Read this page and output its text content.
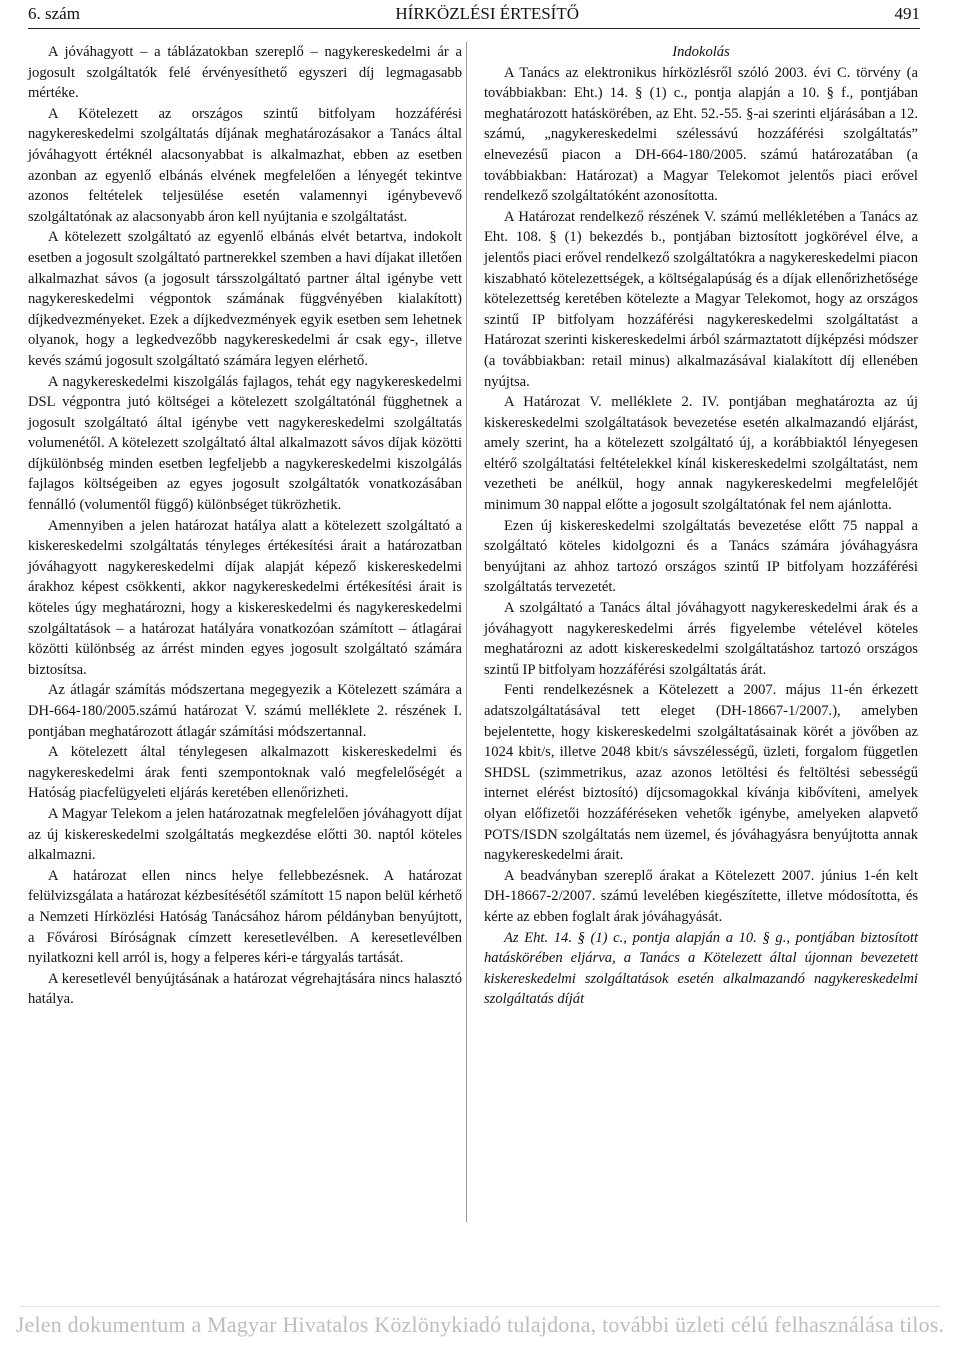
6. szám	HÍRKÖZLÉSI ÉRTESÍTŐ	491

A jóváhagyott – a táblázatokban szereplő – nagykereskedelmi ár a jogosult szolgáltatók felé érvényesíthető egyszeri díj legmagasabb mértéke.

A Kötelezett az országos szintű bitfolyam hozzáférési nagykereskedelmi szolgáltatás díjának meghatározásakor a Tanács által jóváhagyott értéknél alacsonyabbat is alkalmazhat, ebben az esetben azonban az egyenlő elbánás elvének megfelelően a lényegét tekintve azonos feltételek teljesülése esetén valamennyi igénybevevő szolgáltatónak az alacsonyabb áron kell nyújtania e szolgáltatást.

A kötelezett szolgáltató az egyenlő elbánás elvét betartva, indokolt esetben a jogosult szolgáltató partnerekkel szemben a havi díjakat illetően alkalmazhat sávos (a jogosult társszolgáltató partner által igénybe vett nagykereskedelmi végpontok számának függvényében kialakított) díjkedvezményeket. Ezek a díjkedvezmények egyik esetben sem lehetnek olyanok, hogy a legkedvezőbb nagykereskedelmi ár csak egy-, illetve kevés számú jogosult szolgáltató számára legyen elérhető.

A nagykereskedelmi kiszolgálás fajlagos, tehát egy nagykereskedelmi DSL végpontra jutó költségei a kötelezett szolgáltatónál függhetnek a jogosult szolgáltató által igénybe vett nagykereskedelmi szolgáltatás volumenétől. A kötelezett szolgáltató által alkalmazott sávos díjak közötti díjkülönbség minden esetben legfeljebb a nagykereskedelmi kiszolgálás fajlagos költségeiben az egyes jogosult szolgáltatók vonatkozásában fennálló (volumentől függő) különbséget tükrözhetik.

Amennyiben a jelen határozat hatálya alatt a kötelezett szolgáltató a kiskereskedelmi szolgáltatás tényleges értékesítési árait a határozatban jóváhagyott nagykereskedelmi díjak alapját képező kiskereskedelmi árakhoz képest csökkenti, akkor nagykereskedelmi értékesítési árait is köteles úgy meghatározni, hogy a kiskereskedelmi és nagykereskedelmi szolgáltatások – a határozat hatályára vonatkozóan számított – átlagárai közötti különbség az árrést minden egyes jogosult szolgáltató számára biztosítsa.

Az átlagár számítás módszertana megegyezik a Kötelezett számára a DH-664-180/2005.számú határozat V. számú melléklete 2. részének I. pontjában meghatározott átlagár számítási módszertannal.

A kötelezett által ténylegesen alkalmazott kiskereskedelmi és nagykereskedelmi árak fenti szempontoknak való megfelelőségét a Hatóság piacfelügyeleti eljárás keretében ellenőrizheti.

A Magyar Telekom a jelen határozatnak megfelelően jóváhagyott díjat az új kiskereskedelmi szolgáltatás megkezdése előtti 30. naptól köteles alkalmazni.

A határozat ellen nincs helye fellebbezésnek. A határozat felülvizsgálata a határozat kézbesítésétől számított 15 napon belül kérhető a Nemzeti Hírközlési Hatóság Tanácsához három példányban benyújtott, a Fővárosi Bíróságnak címzett keresetlevélben. A keresetlevélben nyilatkozni kell arról is, hogy a felperes kéri-e tárgyalás tartását.

A keresetlevél benyújtásának a határozat végrehajtására nincs halasztó hatálya.

Indokolás

A Tanács az elektronikus hírközlésről szóló 2003. évi C. törvény (a továbbiakban: Eht.) 14. § (1) c., pontja alapján a 10. § f., pontjában meghatározott hatáskörében, az Eht. 52.-55. §-ai szerinti eljárásában a 12. számú, „nagykereskedelmi szélessávú hozzáférési szolgáltatás” elnevezésű piacon a DH-664-180/2005. számú határozatában (a továbbiakban: Határozat) a Magyar Telekomot jelentős piaci erővel rendelkező szolgáltatóként azonosította.

A Határozat rendelkező részének V. számú mellékletében a Tanács az Eht. 108. § (1) bekezdés b., pontjában biztosított jogkörével élve, a jelentős piaci erővel rendelkező szolgáltatókra a nagykereskedelmi piacon kiszabható kötelezettségek, a költségalapúság és a díjak ellenőrizhetősége kötelezettség keretében kötelezte a Magyar Telekomot, hogy az országos szintű IP bitfolyam hozzáférési nagykereskedelmi szolgáltatást a Határozat szerinti kiskereskedelmi árból származtatott díjképzési módszer (a továbbiakban: retail minus) alkalmazásával kialakított díj ellenében nyújtsa.

A Határozat V. melléklete 2. IV. pontjában meghatározta az új kiskereskedelmi szolgáltatások bevezetése esetén alkalmazandó eljárást, amely szerint, ha a kötelezett szolgáltató új, a korábbiaktól lényegesen eltérő szolgáltatási feltételekkel kínál kiskereskedelmi szolgáltatást, nem vezetheti be anélkül, hogy annak nagykereskedelmi megfelelőjét minimum 30 nappal előtte a jogosult szolgáltatónak fel nem ajánlotta.

Ezen új kiskereskedelmi szolgáltatás bevezetése előtt 75 nappal a szolgáltató köteles kidolgozni és a Tanács számára jóváhagyásra benyújtani az ahhoz tartozó országos szintű IP bitfolyam hozzáférési szolgáltatás tervezetét.

A szolgáltató a Tanács által jóváhagyott nagykereskedelmi árak és a jóváhagyott nagykereskedelmi árrés figyelembe vételével köteles meghatározni az adott kiskereskedelmi szolgáltatáshoz tartozó országos szintű IP bitfolyam hozzáférési szolgáltatás árát.

Fenti rendelkezésnek a Kötelezett a 2007. május 11-én érkezett adatszolgáltatásával tett eleget (DH-18667-1/2007.), amelyben bejelentette, hogy kiskereskedelmi szolgáltatásainak körét a jövőben az 1024 kbit/s, illetve 2048 kbit/s sávszélességű, üzleti, forgalom független SHDSL (szimmetrikus, azaz azonos letöltési és feltöltési sebességű internet elérést biztosító) díjcsomagokkal kívánja kibővíteni, amelyek olyan előfizetői hozzáféréseken vehetők igénybe, amelyeken alapvető POTS/ISDN szolgáltatás nem üzemel, és jóváhagyásra benyújtotta annak nagykereskedelmi árait.

A beadványban szereplő árakat a Kötelezett 2007. június 1-én kelt DH-18667-2/2007. számú levelében kiegészítette, illetve módosította, és kérte az ebben foglalt árak jóváhagyását.

Az Eht. 14. § (1) c., pontja alapján a 10. § g., pontjában biztosított hatáskörében eljárva, a Tanács a Kötelezett által újonnan bevezetett kiskereskedelmi szolgáltatások esetén alkalmazandó nagykereskedelmi szolgáltatás díját

Jelen dokumentum a Magyar Hivatalos Közlönykiadó tulajdona, további üzleti célú felhasználása tilos.
